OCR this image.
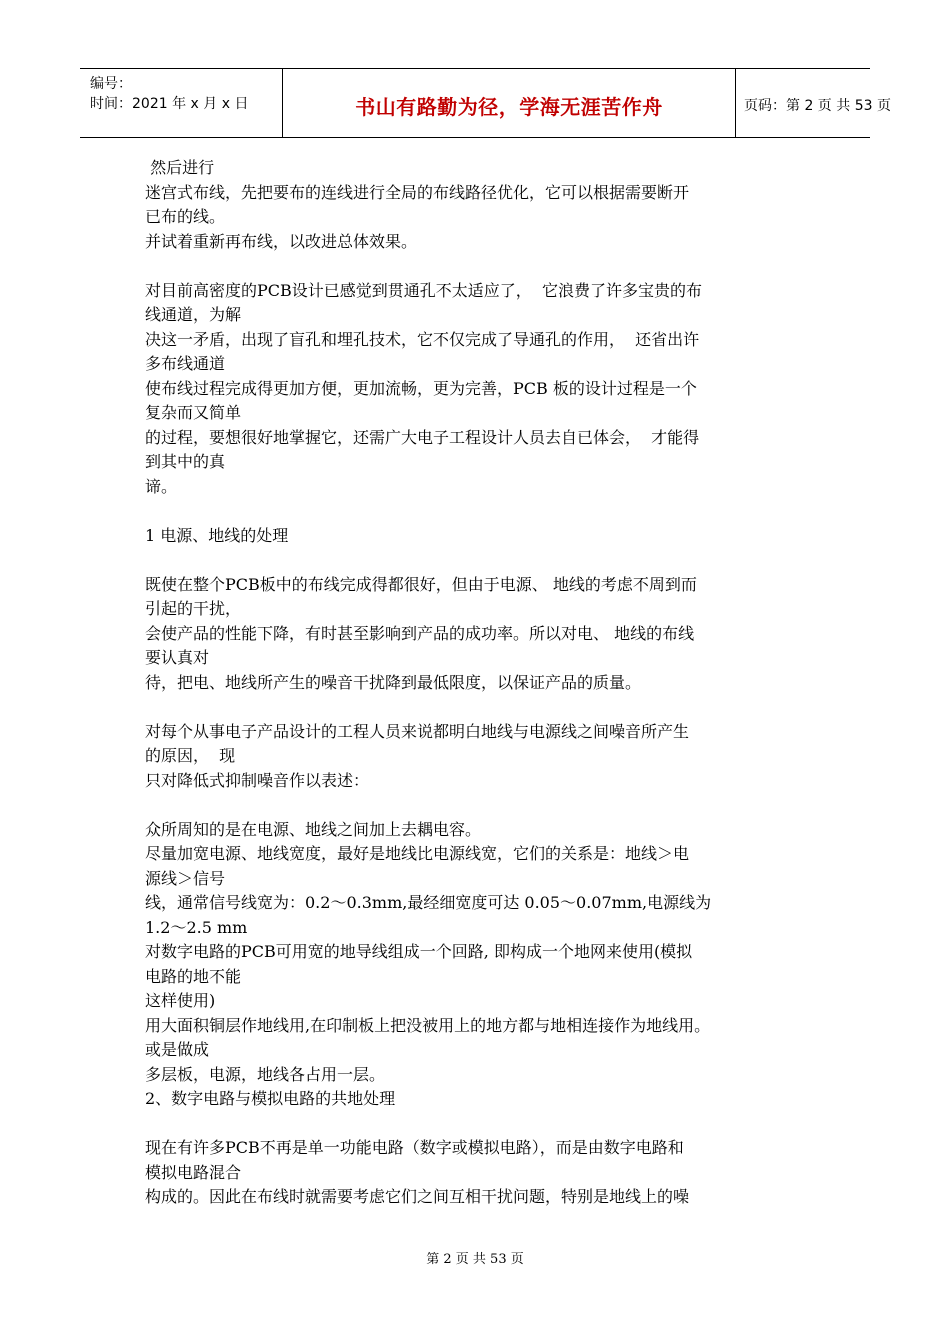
编号：
时间：2021 年 x 月 x 日	书山有路勤为径，学海无涯苦作舟	页码：第 2 页 共 53 页
然后进行
迷宫式布线，先把要布的连线进行全局的布线路径优化，它可以根据需要断开
已布的线。
并试着重新再布线，以改进总体效果。
对目前高密度的PCB设计已感觉到贯通孔不太适应了，  它浪费了许多宝贵的布
线通道，为解
决这一矛盾，出现了盲孔和埋孔技术，它不仅完成了导通孔的作用，  还省出许
多布线通道
使布线过程完成得更加方便，更加流畅，更为完善，PCB 板的设计过程是一个
复杂而又简单
的过程，要想很好地掌握它，还需广大电子工程设计人员去自已体会，  才能得
到其中的真
谛。
1 电源、地线的处理
既使在整个PCB板中的布线完成得都很好，但由于电源、 地线的考虑不周到而
引起的干扰，
会使产品的性能下降，有时甚至影响到产品的成功率。所以对电、 地线的布线
要认真对
待，把电、地线所产生的噪音干扰降到最低限度，以保证产品的质量。
对每个从事电子产品设计的工程人员来说都明白地线与电源线之间噪音所产生
的原因，  现
只对降低式抑制噪音作以表述：
众所周知的是在电源、地线之间加上去耦电容。
尽量加宽电源、地线宽度，最好是地线比电源线宽，它们的关系是：地线＞电
源线＞信号
线，通常信号线宽为：0.2～0.3mm,最经细宽度可达 0.05～0.07mm,电源线为
1.2～2.5 mm
对数字电路的PCB可用宽的地导线组成一个回路, 即构成一个地网来使用(模拟
电路的地不能
这样使用)
用大面积铜层作地线用,在印制板上把没被用上的地方都与地相连接作为地线用。
或是做成
多层板，电源，地线各占用一层。
2、数字电路与模拟电路的共地处理
现在有许多PCB不再是单一功能电路（数字或模拟电路），而是由数字电路和
模拟电路混合
构成的。因此在布线时就需要考虑它们之间互相干扰问题，特别是地线上的噪
第 2 页 共 53 页
